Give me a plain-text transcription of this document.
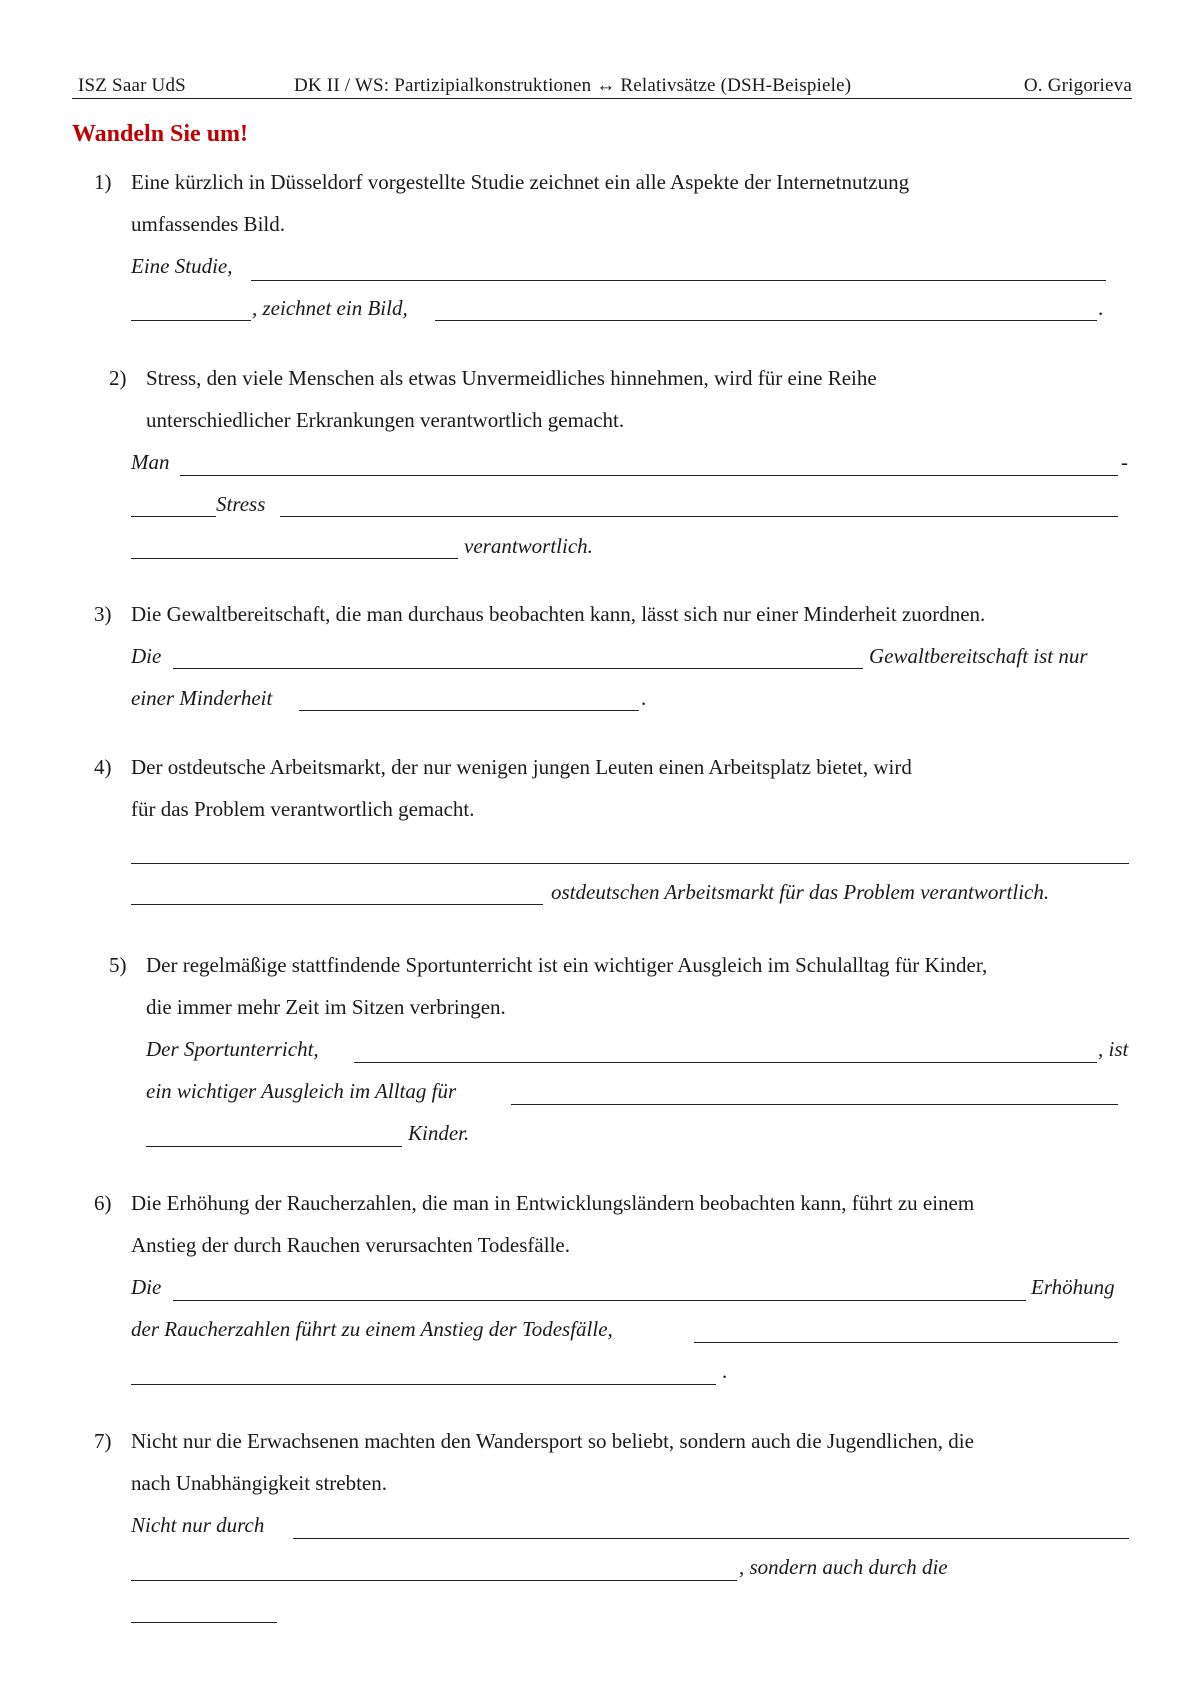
ISZ Saar UdS	DK II / WS: Partizipialkonstruktionen ↔ Relativsätze (DSH-Beispiele)	O. Grigorieva
Wandeln Sie um!
1) Eine kürzlich in Düsseldorf vorgestellte Studie zeichnet ein alle Aspekte der Internetnutzung
umfassendes Bild.
Eine Studie,
, zeichnet ein Bild,	.
2) Stress, den viele Menschen als etwas Unvermeidliches hinnehmen, wird für eine Reihe
unterschiedlicher Erkrankungen verantwortlich gemacht.
Man	-
Stress
verantwortlich.
3) Die Gewaltbereitschaft, die man durchaus beobachten kann, lässt sich nur einer Minderheit zuordnen.
Die	Gewaltbereitschaft ist nur
einer Minderheit	.
4) Der ostdeutsche Arbeitsmarkt, der nur wenigen jungen Leuten einen Arbeitsplatz bietet, wird
für das Problem verantwortlich gemacht.
ostdeutschen Arbeitsmarkt für das Problem verantwortlich.
5) Der regelmäßige stattfindende Sportunterricht ist ein wichtiger Ausgleich im Schulalltag für Kinder,
die immer mehr Zeit im Sitzen verbringen.
Der Sportunterricht,	, ist
ein wichtiger Ausgleich im Alltag für
Kinder.
6) Die Erhöhung der Raucherzahlen, die man in Entwicklungsländern beobachten kann, führt zu einem
Anstieg der durch Rauchen verursachten Todesfälle.
Die	Erhöhung
der Raucherzahlen führt zu einem Anstieg der Todesfälle,
.
7) Nicht nur die Erwachsenen machten den Wandersport so beliebt, sondern auch die Jugendlichen, die
nach Unabhängigkeit strebten.
Nicht nur durch
, sondern auch durch die
